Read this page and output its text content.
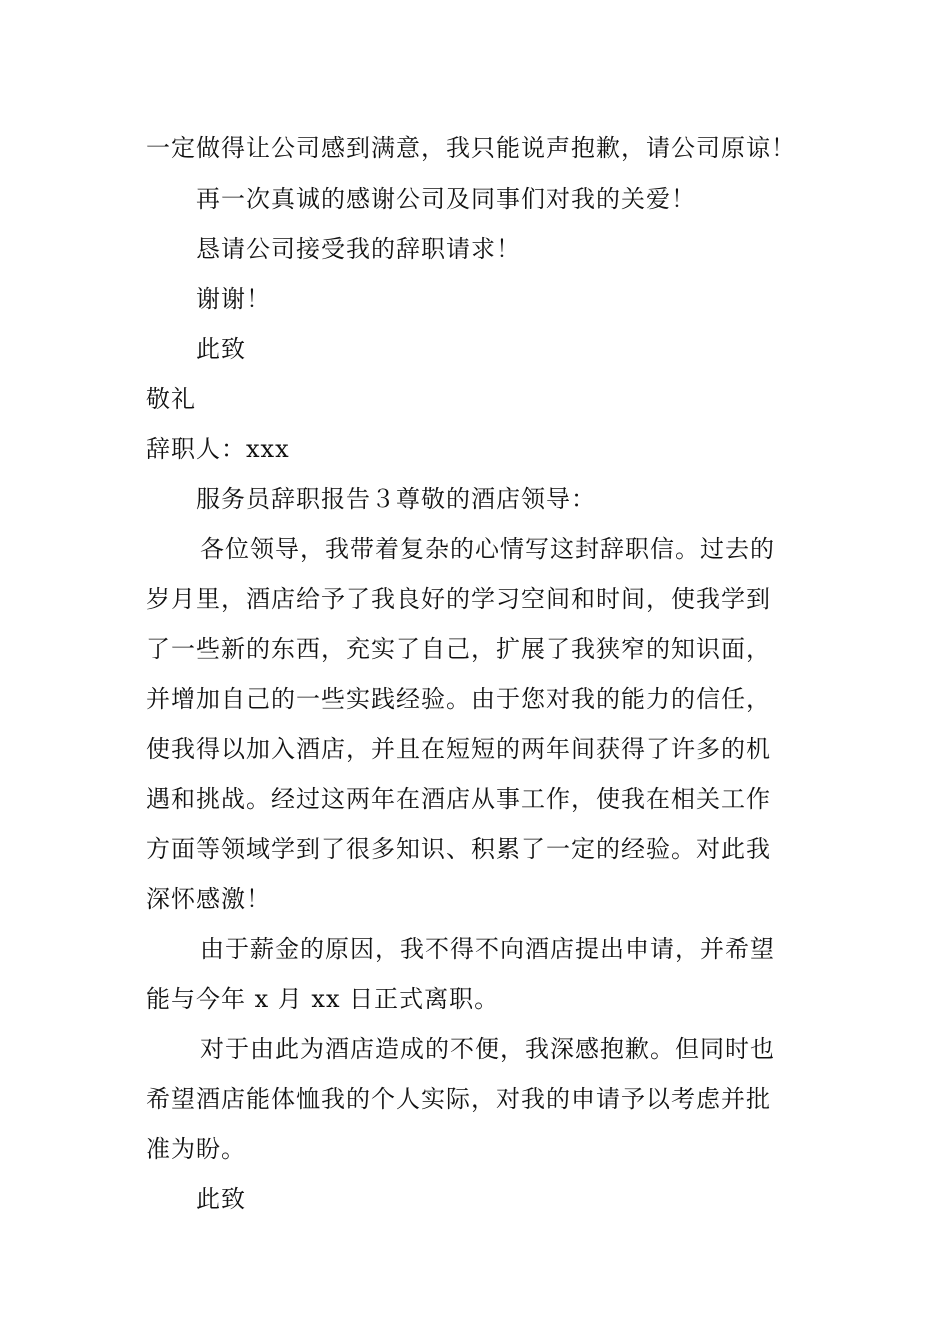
一定做得让公司感到满意，我只能说声抱歉，请公司原谅！
再一次真诚的感谢公司及同事们对我的关爱！
恳请公司接受我的辞职请求！
谢谢！
此致
敬礼
辞职人：xxx
服务员辞职报告３尊敬的酒店领导：
各位领导，我带着复杂的心情写这封辞职信。过去的
岁月里，酒店给予了我良好的学习空间和时间，使我学到
了一些新的东西，充实了自己，扩展了我狭窄的知识面，
并增加自己的一些实践经验。由于您对我的能力的信任，
使我得以加入酒店，并且在短短的两年间获得了许多的机
遇和挑战。经过这两年在酒店从事工作，使我在相关工作
方面等领域学到了很多知识、积累了一定的经验。对此我
深怀感激！
由于薪金的原因，我不得不向酒店提出申请，并希望
能与今年 x 月 xx 日正式离职。
对于由此为酒店造成的不便，我深感抱歉。但同时也
希望酒店能体恤我的个人实际，对我的申请予以考虑并批
准为盼。
此致
